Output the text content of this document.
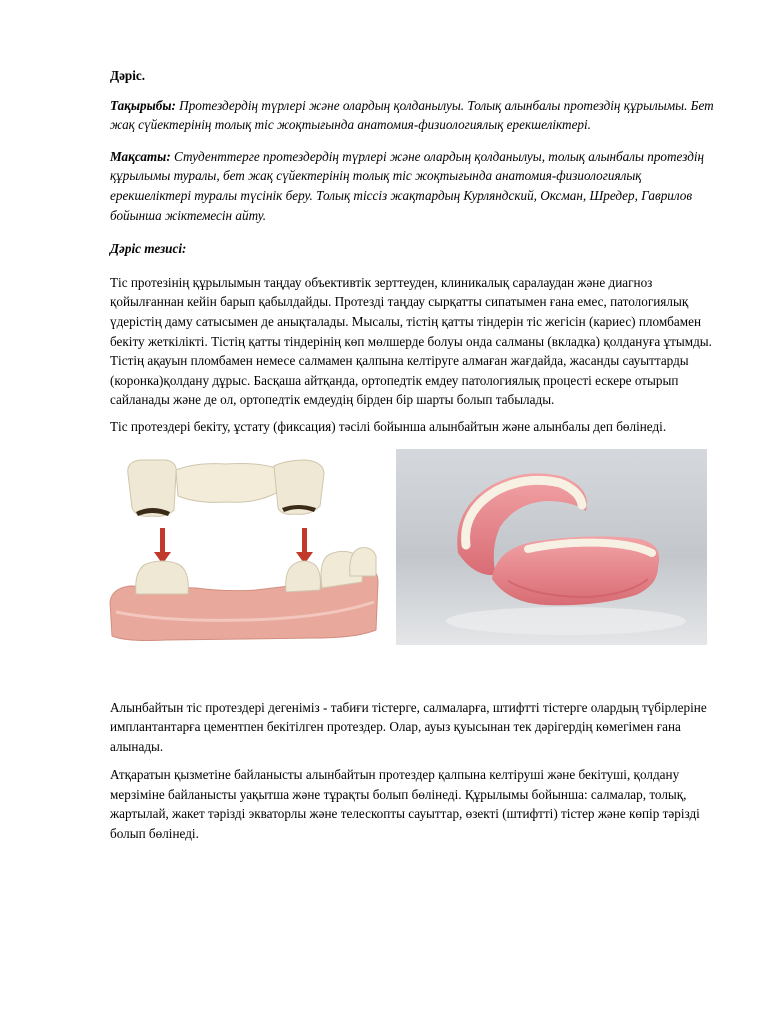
Дәріс.

Тақырыбы: Протездердің түрлері және олардың қолданылуы. Толық алынбалы протездің құрылымы. Бет жақ сүйектерінің толық тіс жоқтығында анатомия-физиологиялық ерекшеліктері.

Мақсаты: Студенттерге протездердің түрлері және олардың қолданылуы, толық алынбалы протездің құрылымы туралы, бет жақ сүйектерінің толық тіс жоқтығында анатомия-физиологиялық ерекшеліктері туралы түсінік беру. Толық тіссіз жақтардың Курляндский, Оксман, Шредер, Гаврилов бойынша жіктемесін айту.

Дәріс тезисі:

Тіс протезінің құрылымын таңдау объективтік зерттеуден, клиникалық саралаудан және диагноз қойылғаннан кейін барып қабылдайды. Протезді таңдау сырқатты сипатымен ғана емес, патологиялық үдерістің даму сатысымен де анықталады. Мысалы, тістің қатты тіндерін тіс жегісін (кариес) пломбамен бекіту жеткілікті. Тістің қатты тіндерінің көп мөлшерде болуы онда салманы (вкладка) қолдануға ұтымды. Тістің ақауын пломбамен немесе салмамен қалпына келтіруге алмаған жағдайда, жасанды сауыттарды (коронка)қолдану дұрыс. Басқаша айтқанда, ортопедтік емдеу патологиялық процесті ескере отырып сайланады және де ол, ортопедтік емдеудің бірден бір шарты болып табылады.

Тіс протездері бекіту, ұстату (фиксация) тәсілі бойынша алынбайтын және алынбалы деп бөлінеді.

Алынбайтын тіс протездері дегеніміз - табиғи тістерге, салмаларға, штифтті тістерге олардың түбірлеріне имплантантарға цементпен бекітілген протездер. Олар, ауыз қуысынан тек дәрігердің көмегімен ғана алынады.

Атқаратын қызметіне байланысты алынбайтын протездер қалпына келтіруші және бекітуші, қолдану мерзіміне байланысты уақытша және тұрақты болып бөлінеді. Құрылымы бойынша: салмалар, толық, жартылай, жакет тәрізді экваторлы және телескопты сауыттар, өзекті (штифтті) тістер және көпір тәрізді болып бөлінеді.
